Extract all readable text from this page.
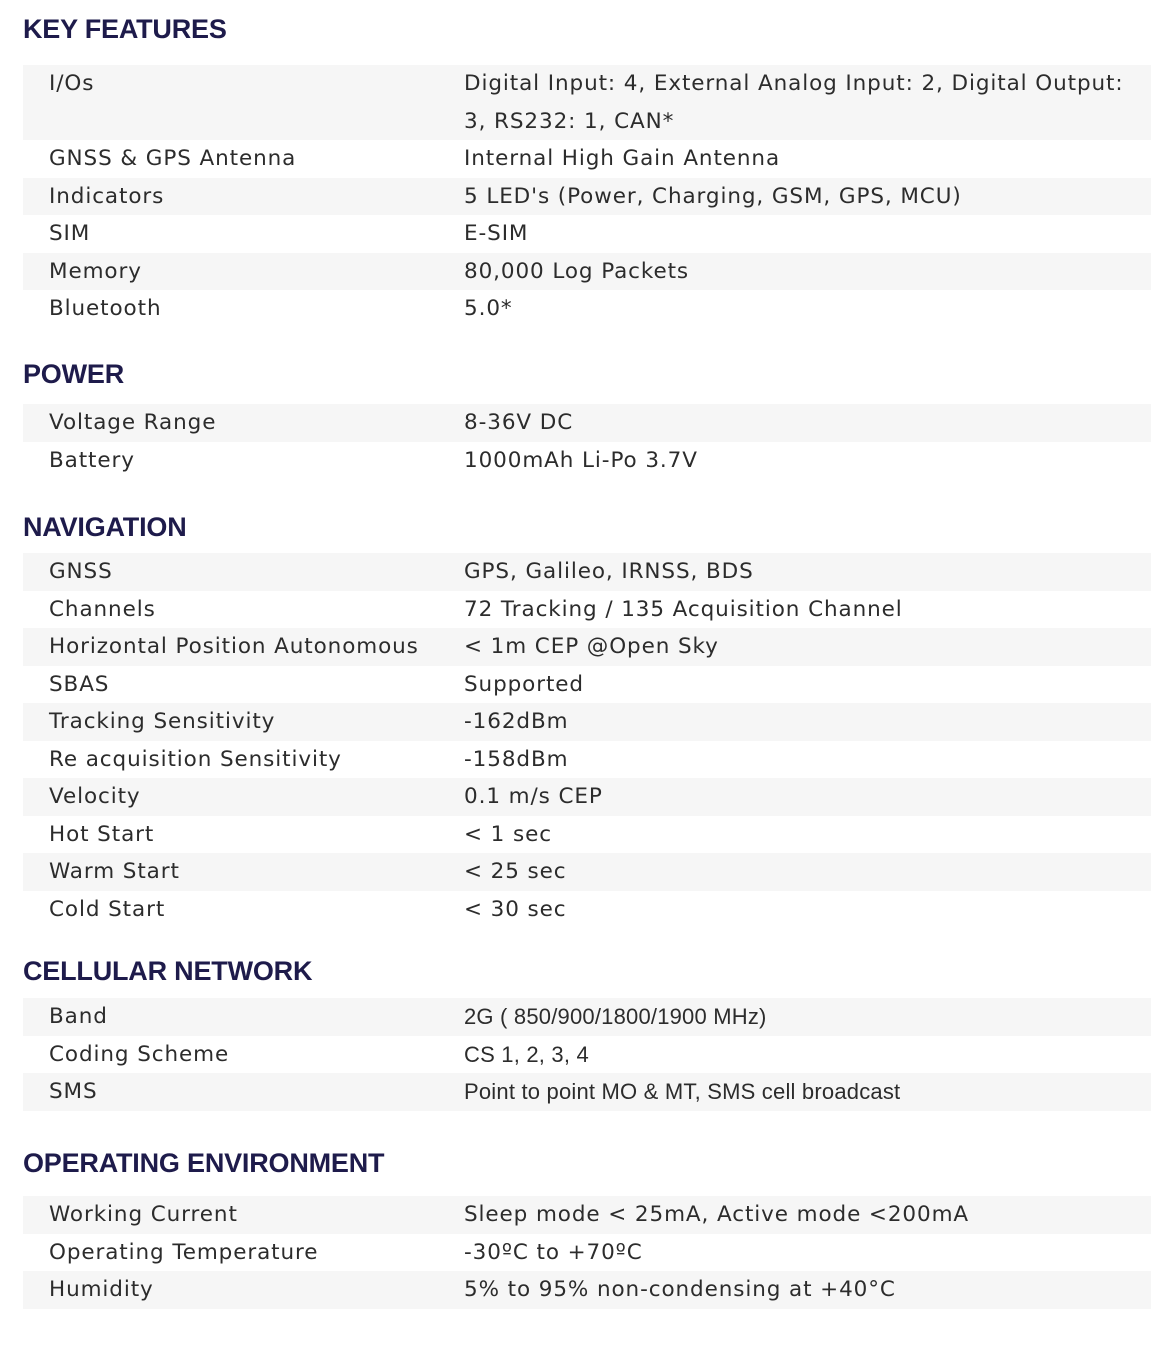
KEY FEATURES
I/Os	Digital Input: 4, External Analog Input: 2, Digital Output: 3, RS232: 1, CAN*
GNSS & GPS Antenna	Internal High Gain Antenna
Indicators	5 LED's (Power, Charging, GSM, GPS, MCU)
SIM	E-SIM
Memory	80,000 Log Packets
Bluetooth	5.0*
POWER
Voltage Range	8-36V DC
Battery	1000mAh Li-Po 3.7V
NAVIGATION
GNSS	GPS, Galileo, IRNSS, BDS
Channels	72 Tracking / 135 Acquisition Channel
Horizontal Position Autonomous	< 1m CEP @Open Sky
SBAS	Supported
Tracking Sensitivity	-162dBm
Re acquisition Sensitivity	-158dBm
Velocity	0.1 m/s CEP
Hot Start	< 1 sec
Warm Start	< 25 sec
Cold Start	< 30 sec
CELLULAR NETWORK
Band	2G ( 850/900/1800/1900 MHz)
Coding Scheme	CS 1, 2, 3, 4
SMS	Point to point MO & MT, SMS cell broadcast
OPERATING ENVIRONMENT
Working Current	Sleep mode < 25mA, Active mode <200mA
Operating Temperature	-30ºC to +70ºC
Humidity	5% to 95% non-condensing at +40°C
